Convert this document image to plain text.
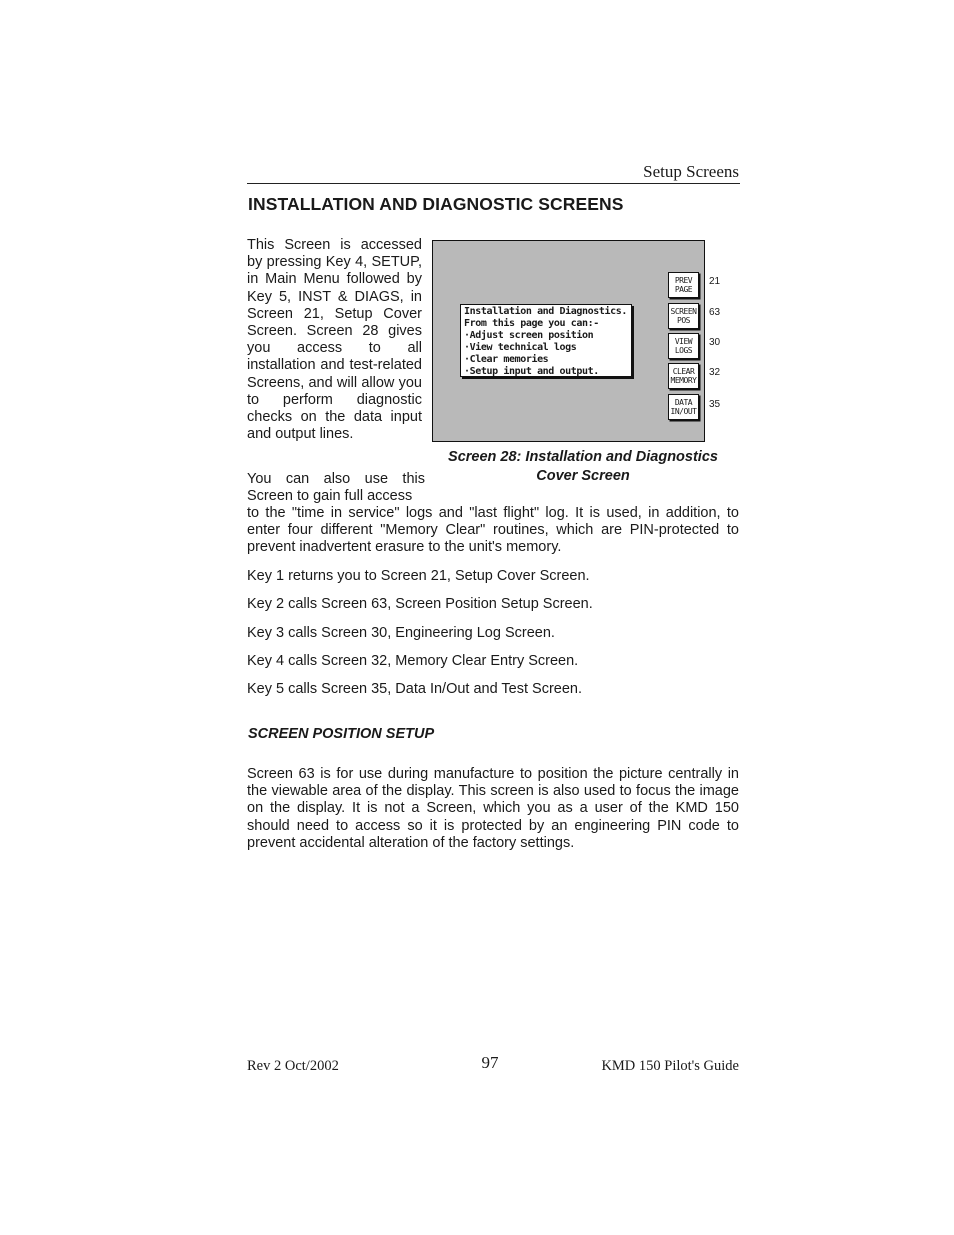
Setup Screens
INSTALLATION AND DIAGNOSTIC SCREENS

This Screen is accessed by pressing Key 4, SETUP, in Main Menu followed by Key 5, INST & DIAGS, in Screen 21, Setup Cover Screen. Screen 28 gives you access to all installation and test-related Screens, and will allow you to perform diagnostic checks on the data input and output lines.

You can also use this Screen to gain full access

to the "time in service" logs and "last flight" log. It is used, in addition, to enter four different "Memory Clear" routines, which are PIN-protected to prevent inadvertent erasure to the unit's memory.
Installation and Diagnostics.
From this page you can:-
·Adjust screen position
·View technical logs
·Clear memories
·Setup input and output.
PREV
PAGE
SCREEN
POS
VIEW
LOGS
CLEAR
MEMORY
DATA
IN/OUT
21
63
30
32
35
Screen 28: Installation and Diagnostics
Cover Screen
Key 1 returns you to Screen 21, Setup Cover Screen.
Key 2 calls Screen 63, Screen Position Setup Screen.
Key 3 calls Screen 30, Engineering Log Screen.
Key 4 calls Screen 32, Memory Clear Entry Screen.
Key 5 calls Screen 35, Data In/Out and Test Screen.
SCREEN POSITION SETUP
Screen 63 is for use during manufacture to position the picture centrally in the viewable area of the display. This screen is also used to focus the image on the display. It is not a Screen, which you as a user of the KMD 150 should need to access so it is protected by an engineering PIN code to prevent accidental alteration of the factory settings.
Rev 2 Oct/2002	97	KMD 150 Pilot's Guide
